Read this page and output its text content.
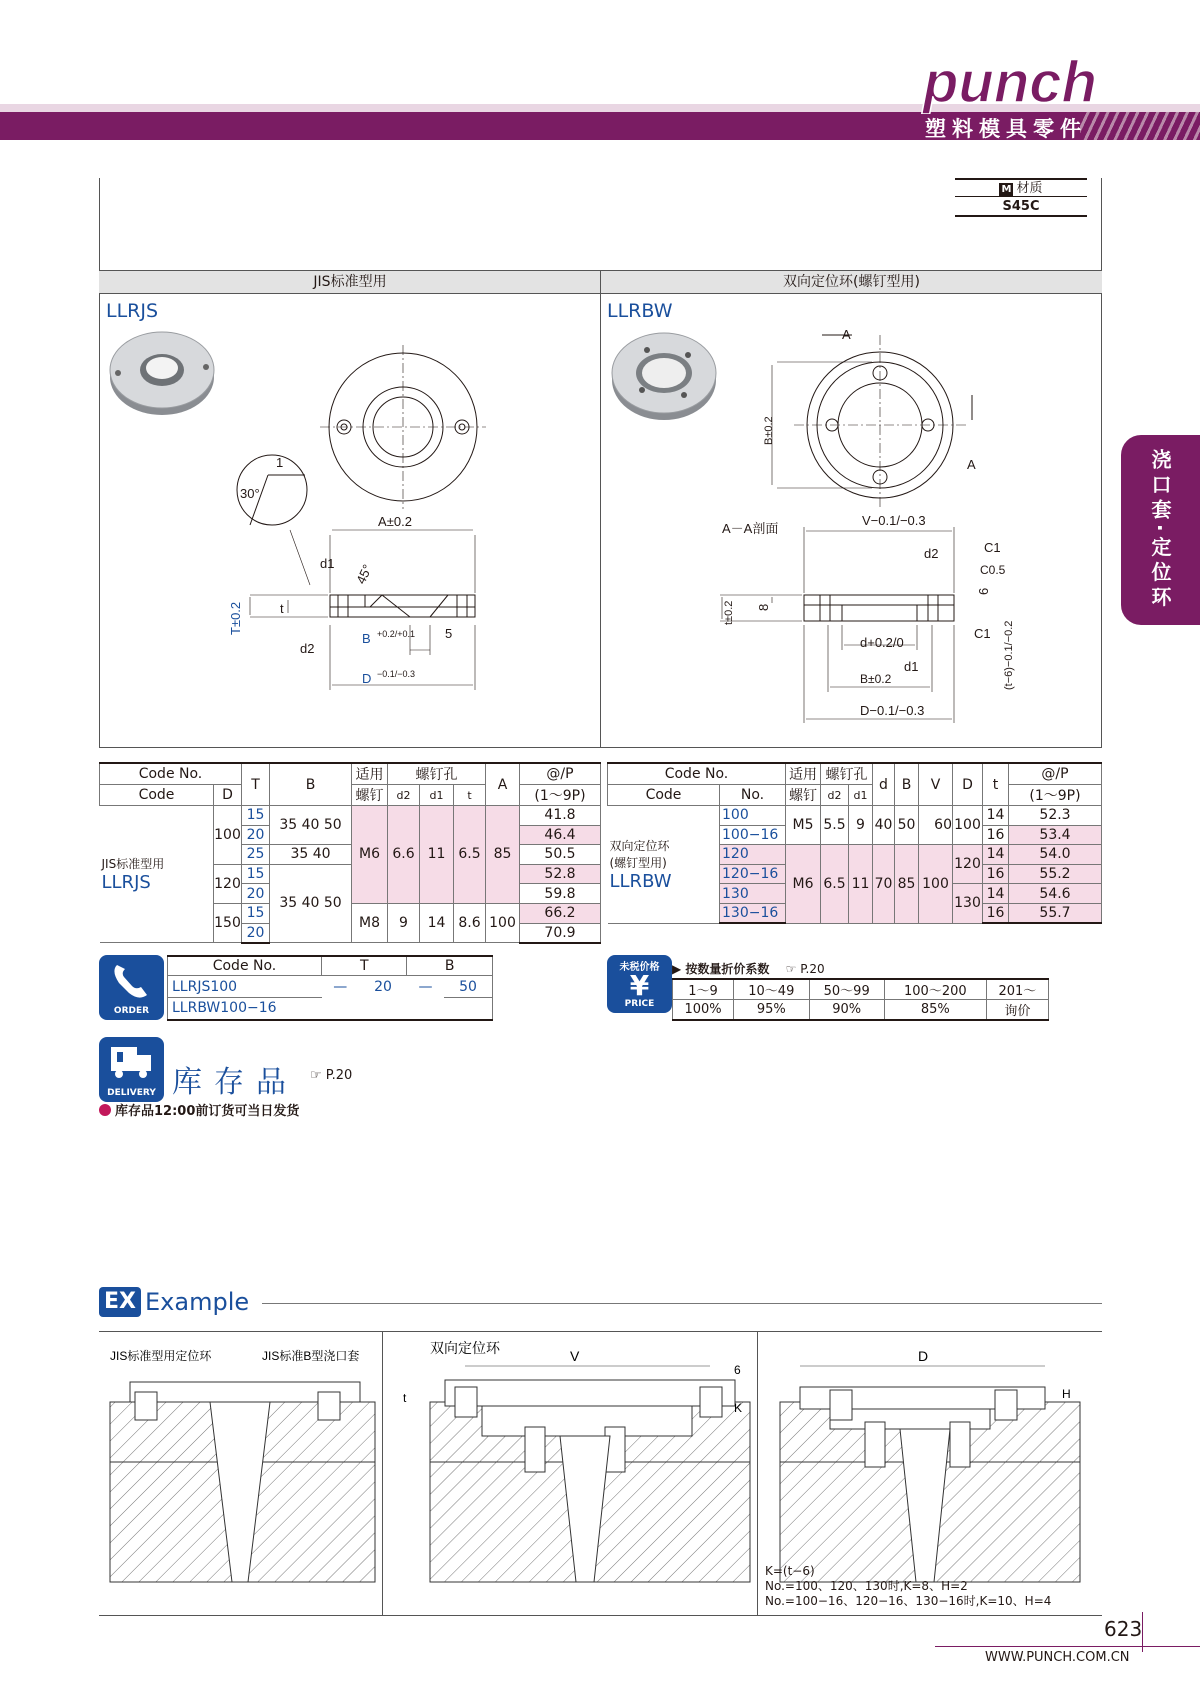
punch
塑料模具零件
浇口套·定位环
M 材质
S45C
JIS标准型用	双向定位环(螺钉型用)
LLRJS	LLRBW
A±0.2
B +0.2/+0.1
D −0.1/−0.3
T±0.2
d1
d2
t
5
45°
30°
1
A
A
B±0.2
A－A剖面
V−0.1/−0.3
d+0.2/0
B±0.2
D−0.1/−0.3
C1
C0.5
C1
d2
d1
6
8
t±0.2
(t−6)−0.1/−0.2
Code No.		T	B	适用	螺钉孔			A	@/P
Code	D			螺钉	d2	d1	t		(1～9P)
JIS标准型用
LLRJS	100	15	35 40 50	M6	6.6	11	6.5	85	41.8
		20							46.4
		25	35 40						50.5
	120	15	35 40 50						52.8
		20							59.8
	150	15		M8	9	14	8.6	100	66.2
		20							70.9
Code No.		适用	螺钉孔		d	B	V	D	t	@/P
Code	No.	螺钉	d2	d1						(1～9P)
双向定位环
(螺钉型用)
LLRBW	100	M5	5.5	9	40	50	60	100	14	52.3
	100−16								16	53.4
	120	M6	6.5	11	70	85	100	120	14	54.0
	120−16								16	55.2
	130							130	14	54.6
	130−16								16	55.7
ORDER
Code No.	T		B	
LLRJS100	—	20	—	50
LLRBW100−16				
未税价格
¥
PRICE
▶ 按数量折价系数 ☞ P.20
1～9	10～49	50～99	100～200	201～
100%	95%	90%	85%	询价
DELIVERY 库存品 ☞ P.20
库存品12:00前订货可当日发货
EX Example
JIS标准型用定位环	JIS标准B型浇口套	双向定位环	V
t
6
K
D
H
K=(t−6)
No.=100、120、130时,K=8、H=2
No.=100−16、120−16、130−16时,K=10、H=4
623
WWW.PUNCH.COM.CN
